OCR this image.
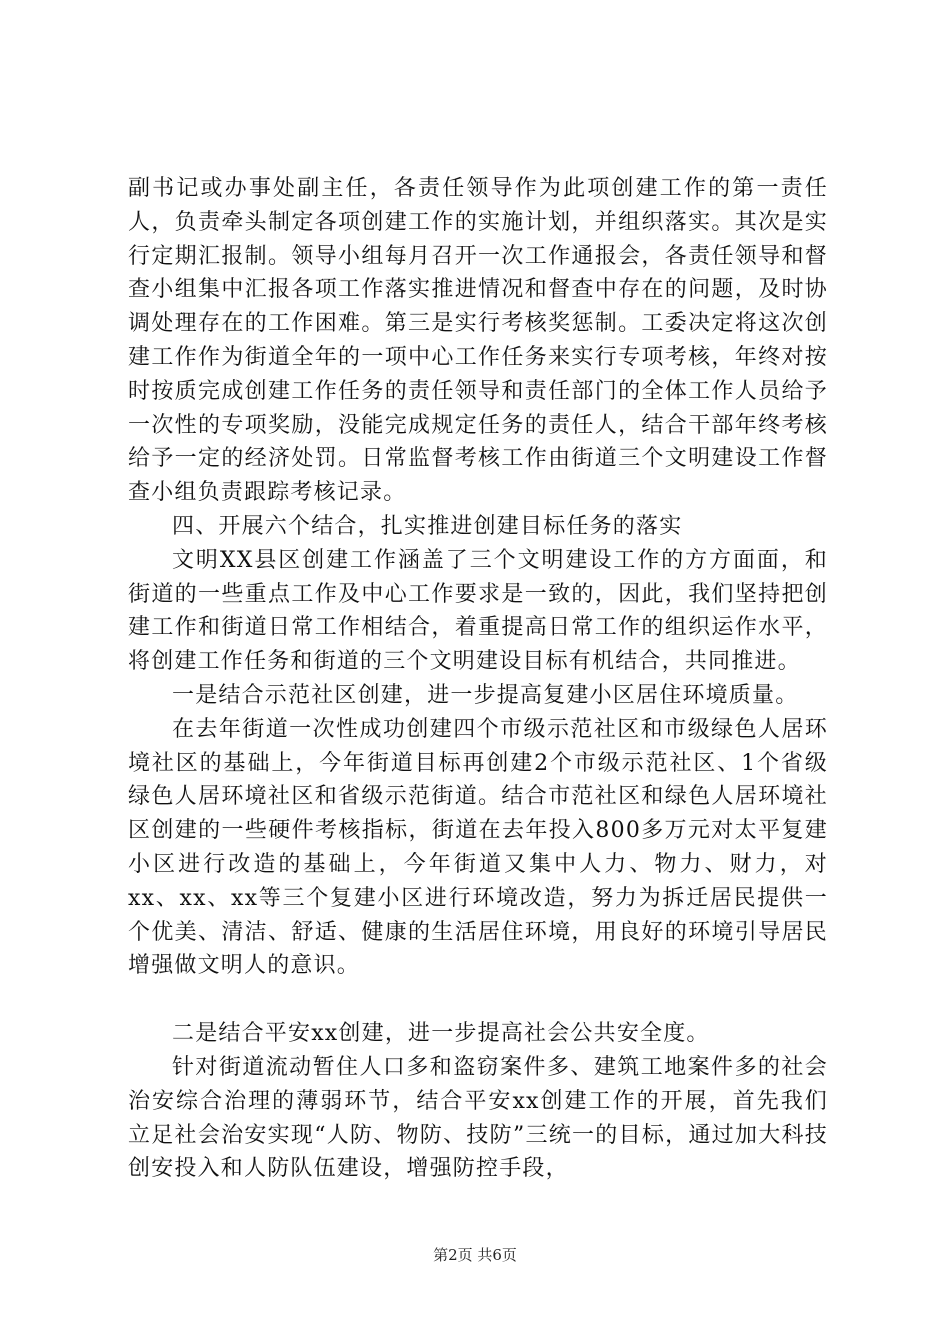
副书记或办事处副主任，各责任领导作为此项创建工作的第一责任人，负责牵头制定各项创建工作的实施计划，并组织落实。其次是实行定期汇报制。领导小组每月召开一次工作通报会，各责任领导和督查小组集中汇报各项工作落实推进情况和督查中存在的问题，及时协调处理存在的工作困难。第三是实行考核奖惩制。工委决定将这次创建工作作为街道全年的一项中心工作任务来实行专项考核，年终对按时按质完成创建工作任务的责任领导和责任部门的全体工作人员给予一次性的专项奖励，没能完成规定任务的责任人，结合干部年终考核给予一定的经济处罚。日常监督考核工作由街道三个文明建设工作督查小组负责跟踪考核记录。

四、开展六个结合，扎实推进创建目标任务的落实

文明XX县区创建工作涵盖了三个文明建设工作的方方面面，和街道的一些重点工作及中心工作要求是一致的，因此，我们坚持把创建工作和街道日常工作相结合，着重提高日常工作的组织运作水平，将创建工作任务和街道的三个文明建设目标有机结合，共同推进。

一是结合示范社区创建，进一步提高复建小区居住环境质量。

在去年街道一次性成功创建四个市级示范社区和市级绿色人居环境社区的基础上，今年街道目标再创建2个市级示范社区、1个省级绿色人居环境社区和省级示范街道。结合市范社区和绿色人居环境社区创建的一些硬件考核指标，街道在去年投入800多万元对太平复建小区进行改造的基础上，今年街道又集中人力、物力、财力，对xx、xx、xx等三个复建小区进行环境改造，努力为拆迁居民提供一个优美、清洁、舒适、健康的生活居住环境，用良好的环境引导居民增强做文明人的意识。

二是结合平安xx创建，进一步提高社会公共安全度。

针对街道流动暂住人口多和盗窃案件多、建筑工地案件多的社会治安综合治理的薄弱环节，结合平安xx创建工作的开展，首先我们立足社会治安实现“人防、物防、技防”三统一的目标，通过加大科技创安投入和人防队伍建设，增强防控手段，

第2页 共6页
